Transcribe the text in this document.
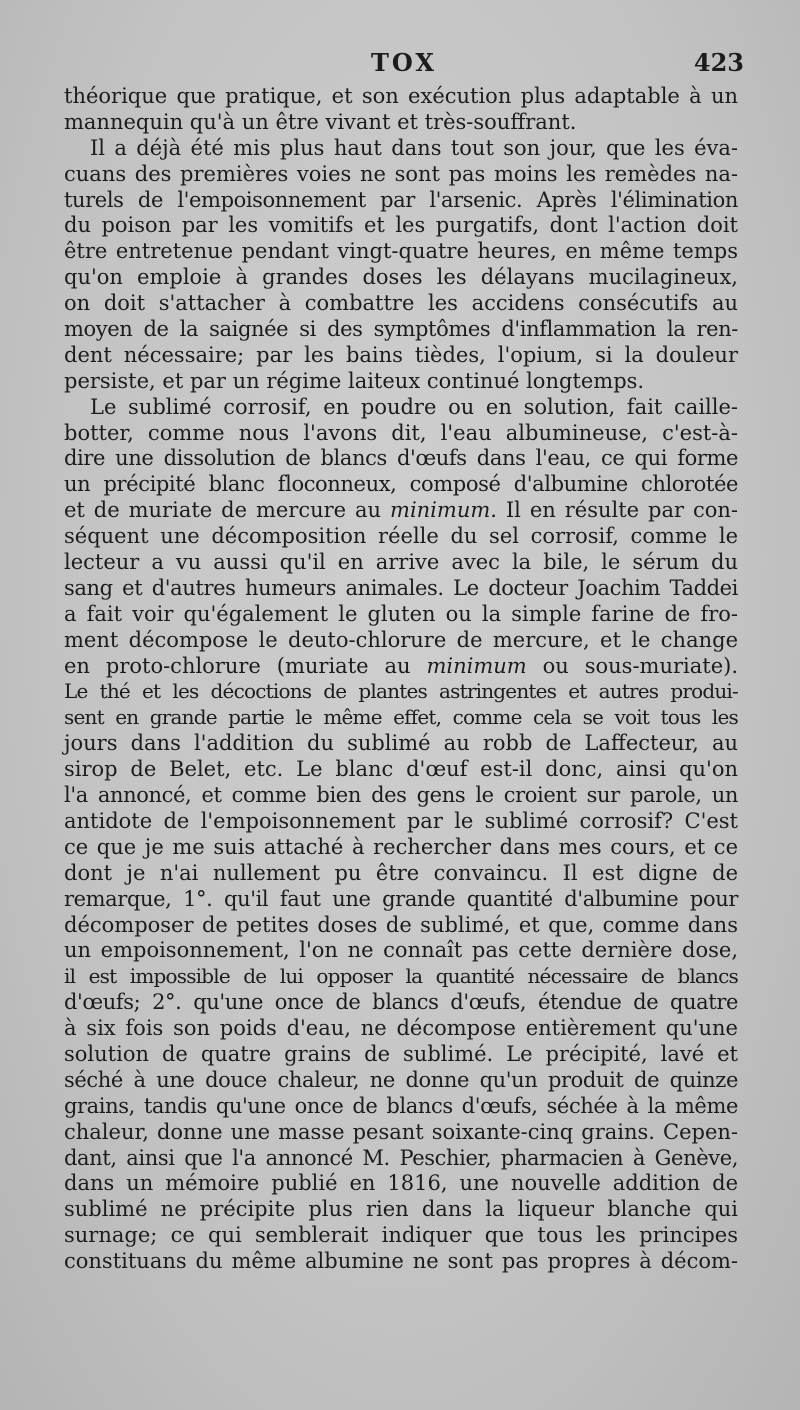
TOX	423
théorique que pratique, et son exécution plus adaptable à un
mannequin qu'à un être vivant et très-souffrant.
Il a déjà été mis plus haut dans tout son jour, que les éva-
cuans des premières voies ne sont pas moins les remèdes na-
turels de l'empoisonnement par l'arsenic. Après l'élimination
du poison par les vomitifs et les purgatifs, dont l'action doit
être entretenue pendant vingt-quatre heures, en même temps
qu'on emploie à grandes doses les délayans mucilagineux,
on doit s'attacher à combattre les accidens consécutifs au
moyen de la saignée si des symptômes d'inflammation la ren-
dent nécessaire; par les bains tièdes, l'opium, si la douleur
persiste, et par un régime laiteux continué longtemps.
Le sublimé corrosif, en poudre ou en solution, fait caille-
botter, comme nous l'avons dit, l'eau albumineuse, c'est-à-
dire une dissolution de blancs d'œufs dans l'eau, ce qui forme
un précipité blanc floconneux, composé d'albumine chlorotée
et de muriate de mercure au minimum. Il en résulte par con-
séquent une décomposition réelle du sel corrosif, comme le
lecteur a vu aussi qu'il en arrive avec la bile, le sérum du
sang et d'autres humeurs animales. Le docteur Joachim Taddei
a fait voir qu'également le gluten ou la simple farine de fro-
ment décompose le deuto-chlorure de mercure, et le change
en proto-chlorure (muriate au minimum ou sous-muriate).
Le thé et les décoctions de plantes astringentes et autres produi-
sent en grande partie le même effet, comme cela se voit tous les
jours dans l'addition du sublimé au robb de Laffecteur, au
sirop de Belet, etc. Le blanc d'œuf est-il donc, ainsi qu'on
l'a annoncé, et comme bien des gens le croient sur parole, un
antidote de l'empoisonnement par le sublimé corrosif? C'est
ce que je me suis attaché à rechercher dans mes cours, et ce
dont je n'ai nullement pu être convaincu. Il est digne de
remarque, 1°. qu'il faut une grande quantité d'albumine pour
décomposer de petites doses de sublimé, et que, comme dans
un empoisonnement, l'on ne connaît pas cette dernière dose,
il est impossible de lui opposer la quantité nécessaire de blancs
d'œufs; 2°. qu'une once de blancs d'œufs, étendue de quatre
à six fois son poids d'eau, ne décompose entièrement qu'une
solution de quatre grains de sublimé. Le précipité, lavé et
séché à une douce chaleur, ne donne qu'un produit de quinze
grains, tandis qu'une once de blancs d'œufs, séchée à la même
chaleur, donne une masse pesant soixante-cinq grains. Cepen-
dant, ainsi que l'a annoncé M. Peschier, pharmacien à Genève,
dans un mémoire publié en 1816, une nouvelle addition de
sublimé ne précipite plus rien dans la liqueur blanche qui
surnage; ce qui semblerait indiquer que tous les principes
constituans du même albumine ne sont pas propres à décom-
